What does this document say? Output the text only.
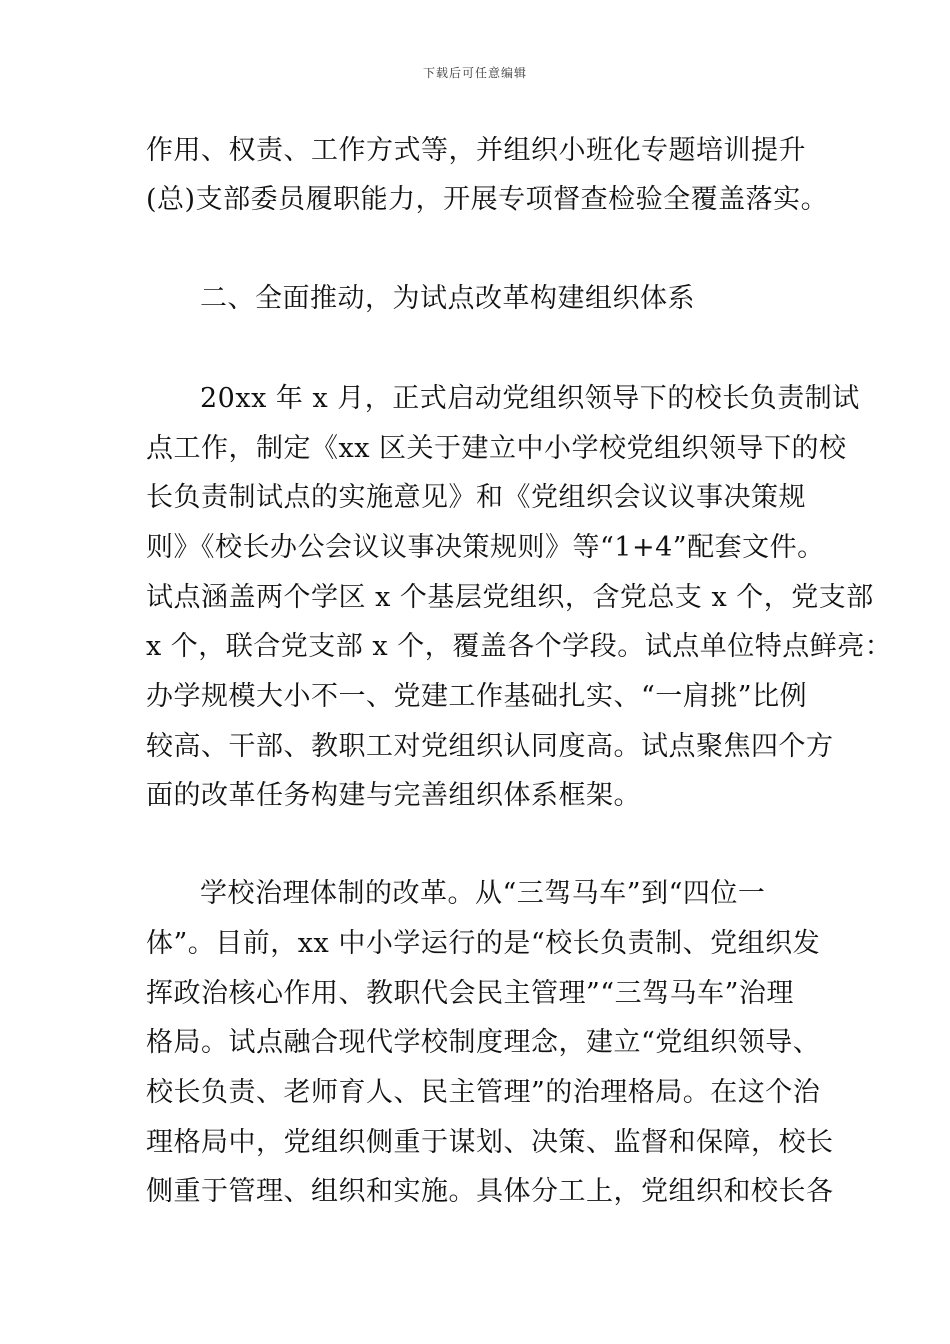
下载后可任意编辑
作用、权责、工作方式等，并组织小班化专题培训提升
(总)支部委员履职能力，开展专项督查检验全覆盖落实。
二、全面推动，为试点改革构建组织体系
20xx 年 x 月，正式启动党组织领导下的校长负责制试
点工作，制定《xx 区关于建立中小学校党组织领导下的校
长负责制试点的实施意见》和《党组织会议议事决策规
则》《校长办公会议议事决策规则》等“1+4”配套文件。
试点涵盖两个学区 x 个基层党组织，含党总支 x 个，党支部
x 个，联合党支部 x 个，覆盖各个学段。试点单位特点鲜亮：
办学规模大小不一、党建工作基础扎实、“一肩挑”比例
较高、干部、教职工对党组织认同度高。试点聚焦四个方
面的改革任务构建与完善组织体系框架。
学校治理体制的改革。从“三驾马车”到“四位一
体”。目前，xx 中小学运行的是“校长负责制、党组织发
挥政治核心作用、教职代会民主管理”“三驾马车”治理
格局。试点融合现代学校制度理念，建立“党组织领导、
校长负责、老师育人、民主管理”的治理格局。在这个治
理格局中，党组织侧重于谋划、决策、监督和保障，校长
侧重于管理、组织和实施。具体分工上，党组织和校长各
